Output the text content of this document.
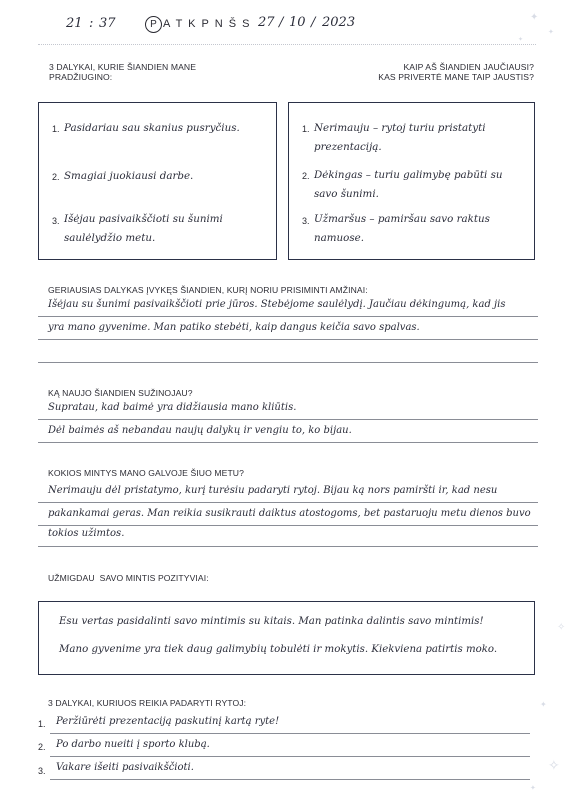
21 : 37	P A T K P N Š S 27 / 10 / 2023
3 DALYKAI, KURIE ŠIANDIEN MANE
PRADŽIUGINO:
KAIP AŠ ŠIANDIEN JAUČIAUSI?
KAS PRIVERTĖ MANE TAIP JAUSTIS?
1. Pasidariau sau skanius pusryčius.
2. Smagiai juokiausi darbe.
3. Išėjau pasivaikščioti su šunimi
saulėlydžio metu.
1. Nerimauju – rytoj turiu pristatyti
prezentaciją.
2. Dėkingas – turiu galimybę pabūti su
savo šunimi.
3. Užmaršus – pamiršau savo raktus
namuose.
GERIAUSIAS DALYKAS ĮVYKĘS ŠIANDIEN, KURĮ NORIU PRISIMINTI AMŽINAI:
Išėjau su šunimi pasivaikščioti prie jūros. Stebėjome saulėlydį. Jaučiau dėkingumą, kad jis
yra mano gyvenime. Man patiko stebėti, kaip dangus keičia savo spalvas.
KĄ NAUJO ŠIANDIEN SUŽINOJAU?
Supratau, kad baimė yra didžiausia mano kliūtis.
Dėl baimės aš nebandau naujų dalykų ir vengiu to, ko bijau.
KOKIOS MINTYS MANO GALVOJE ŠIUO METU?
Nerimauju dėl pristatymo, kurį turėsiu padaryti rytoj. Bijau ką nors pamiršti ir, kad nesu
pakankamai geras. Man reikia susikrauti daiktus atostogoms, bet pastaruoju metu dienos buvo
tokios užimtos.
UŽMIGDAU  SAVO MINTIS POZITYVIAI:
Esu vertas pasidalinti savo mintimis su kitais. Man patinka dalintis savo mintimis!
Mano gyvenime yra tiek daug galimybių tobulėti ir mokytis. Kiekviena patirtis moko.
3 DALYKAI, KURIUOS REIKIA PADARYTI RYTOJ:
1. Peržiūrėti prezentaciją paskutinį kartą ryte!
2. Po darbo nueiti į sporto klubą.
3. Vakare išeiti pasivaikščioti.
✦
✦
✦
✧
✦
✧
✦
